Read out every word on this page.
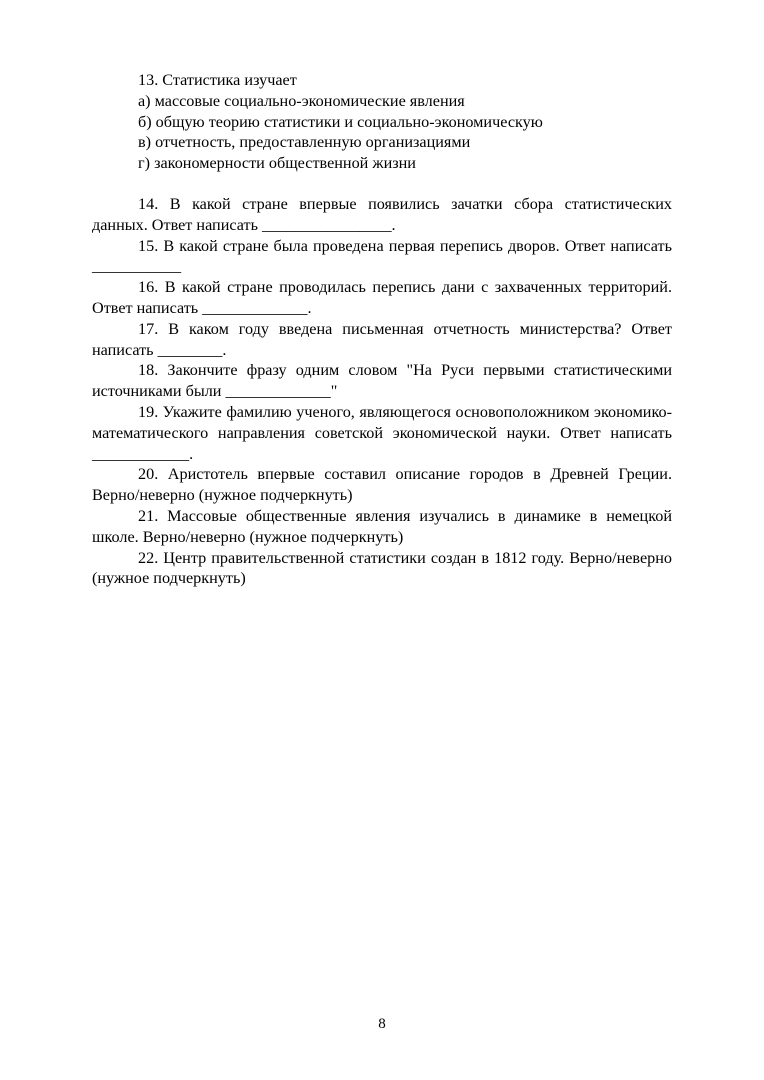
13. Статистика изучает
а) массовые социально-экономические явления
б) общую теорию статистики и социально-экономическую
в) отчетность, предоставленную организациями
г) закономерности общественной жизни

14. В какой стране впервые появились зачатки сбора статистических данных. Ответ написать ________________.

15. В какой стране была проведена первая перепись дворов. Ответ написать ___________

16. В какой стране проводилась перепись дани с захваченных территорий. Ответ написать _____________.

17. В каком году введена письменная отчетность министерства? Ответ написать ________.

18. Закончите фразу одним словом "На Руси первыми статистическими источниками были _____________"

19. Укажите фамилию ученого, являющегося основоположником экономико-математического направления советской экономической науки. Ответ написать ____________.

20. Аристотель впервые составил описание городов в Древней Греции. Верно/неверно (нужное подчеркнуть)

21. Массовые общественные явления изучались в динамике в немецкой школе. Верно/неверно (нужное подчеркнуть)

22. Центр правительственной статистики создан в 1812 году. Верно/неверно (нужное подчеркнуть)

8
